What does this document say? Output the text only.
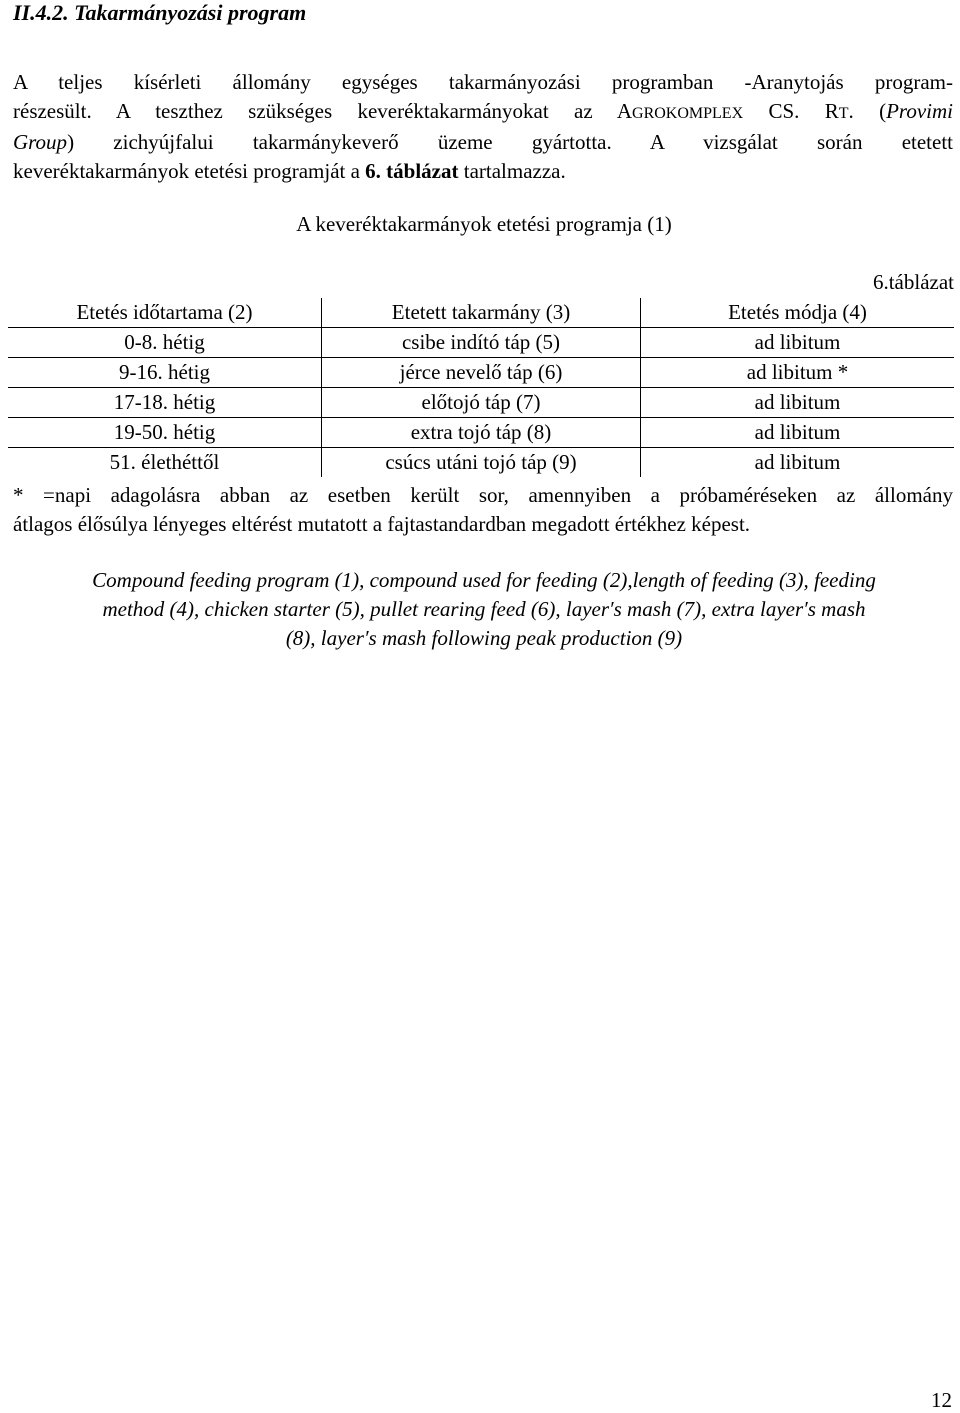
II.4.2. Takarmányozási program
A teljes kísérleti állomány egységes takarmányozási programban -Aranytojás program-
részesült. A teszthez szükséges keveréktakarmányokat az AGROKOMPLEX CS. RT. (Provimi
Group) zichyújfalui takarmánykeverő üzeme gyártotta. A vizsgálat során etetett
keveréktakarmányok etetési programját a 6. táblázat tartalmazza.
A keveréktakarmányok etetési programja (1)
6.táblázat
Etetés időtartama (2)	Etetett takarmány (3)	Etetés módja (4)
0-8. hétig	csibe indító táp (5)	ad libitum
9-16. hétig	jérce nevelő táp (6)	ad libitum *
17-18. hétig	előtojó táp (7)	ad libitum
19-50. hétig	extra tojó táp (8)	ad libitum
51. élethéttől	csúcs utáni tojó táp (9)	ad libitum
* =napi adagolásra abban az esetben került sor, amennyiben a próbaméréseken az állomány
átlagos élősúlya lényeges eltérést mutatott a fajtastandardban megadott értékhez képest.
Compound feeding program (1), compound used for feeding (2),length of feeding (3), feeding
method (4), chicken starter (5), pullet rearing feed (6), layer′s mash (7), extra layer′s mash
(8), layer′s mash following peak production (9)
12
